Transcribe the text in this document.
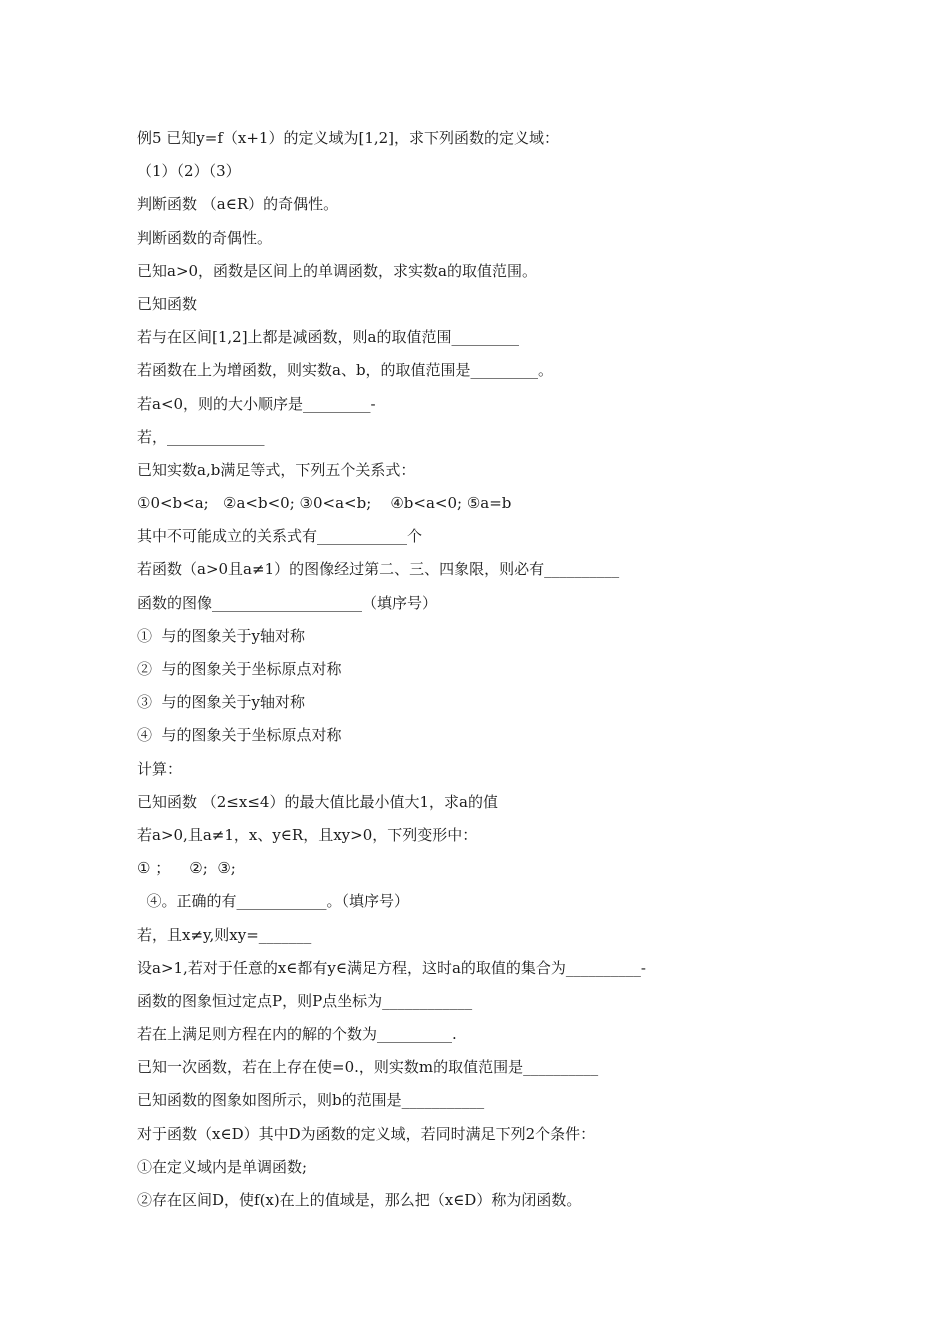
例5 已知y=f（x+1）的定义域为[1,2]，求下列函数的定义域：
（1）（2）（3）
判断函数 （a∈R）的奇偶性。
判断函数的奇偶性。
已知a>0，函数是区间上的单调函数，求实数a的取值范围。
已知函数
若与在区间[1,2]上都是减函数，则a的取值范围_________
若函数在上为增函数，则实数a、b，的取值范围是_________。
若a<0，则的大小顺序是_________-
若，_____________
已知实数a,b满足等式，下列五个关系式：
①0<b<a;   ②a<b<0; ③0<a<b;    ④b<a<0; ⑤a=b
其中不可能成立的关系式有____________个
若函数（a>0且a≠1）的图像经过第二、三、四象限，则必有__________
函数的图像____________________（填序号）
①  与的图象关于y轴对称
②  与的图象关于坐标原点对称
③  与的图象关于y轴对称
④  与的图象关于坐标原点对称
计算：
已知函数 （2≤x≤4）的最大值比最小值大1，求a的值
若a>0,且a≠1，x、y∈R，且xy>0，下列变形中：
① ；    ②;  ③;
④。正确的有____________。（填序号）
若，且x≠y,则xy=_______
设a>1,若对于任意的x∈都有y∈满足方程，这时a的取值的集合为__________-
函数的图象恒过定点P，则P点坐标为____________
若在上满足则方程在内的解的个数为__________.
已知一次函数，若在上存在使=0.，则实数m的取值范围是__________
已知函数的图象如图所示，则b的范围是___________
对于函数（x∈D）其中D为函数的定义域，若同时满足下列2个条件：
①在定义域内是单调函数;
②存在区间D，使f(x)在上的值域是，那么把（x∈D）称为闭函数。
